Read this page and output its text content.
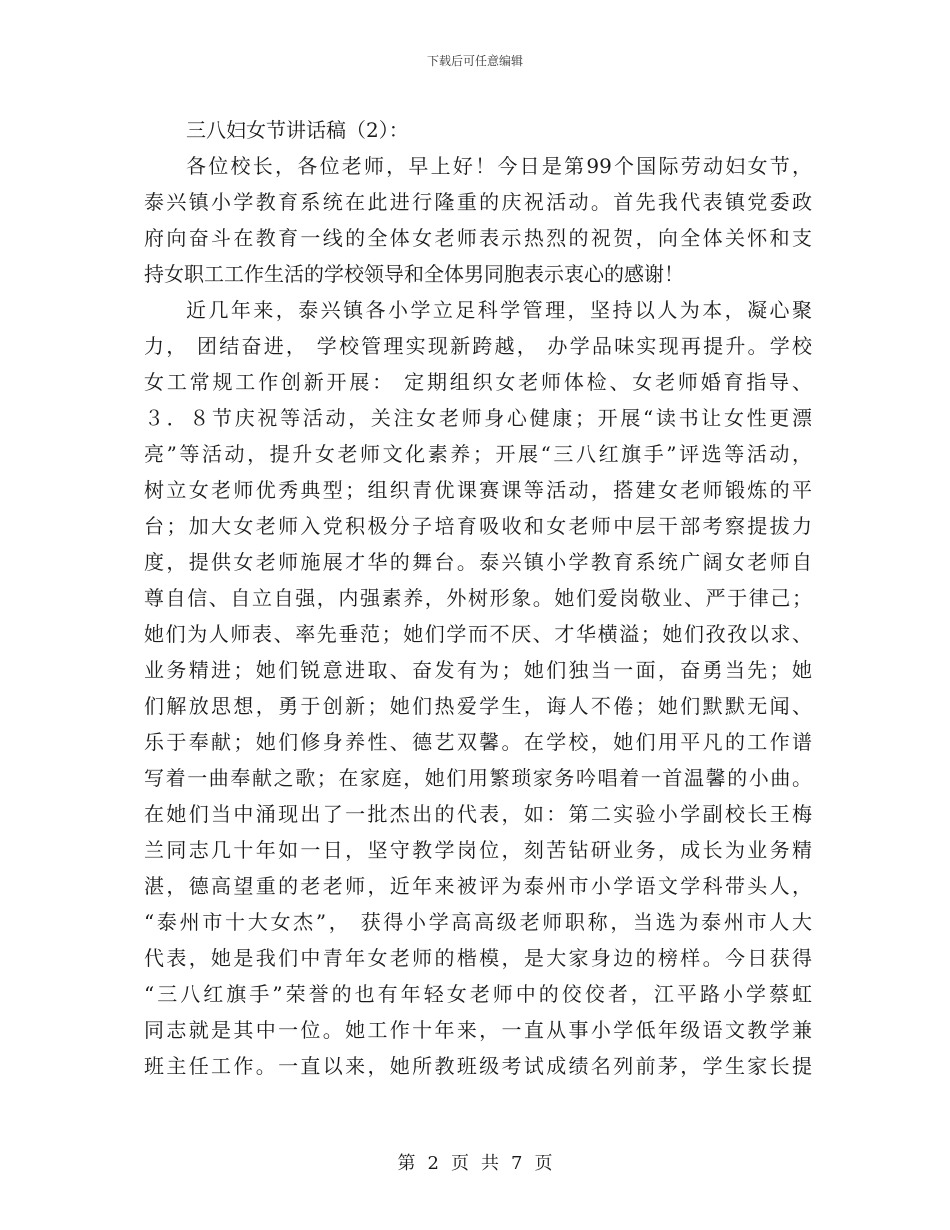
下载后可任意编辑
三八妇女节讲话稿（2）：
各位校长，各位老师，早上好！今日是第99个国际劳动妇女节，
泰兴镇小学教育系统在此进行隆重的庆祝活动。首先我代表镇党委政
府向奋斗在教育一线的全体女老师表示热烈的祝贺，向全体关怀和支
持女职工工作生活的学校领导和全体男同胞表示衷心的感谢！
近几年来，泰兴镇各小学立足科学管理，坚持以人为本，凝心聚
力， 团结奋进， 学校管理实现新跨越， 办学品味实现再提升。学校
女工常规工作创新开展： 定期组织女老师体检、女老师婚育指导、
３．８节庆祝等活动，关注女老师身心健康；开展“读书让女性更漂
亮”等活动，提升女老师文化素养；开展“三八红旗手”评选等活动，
树立女老师优秀典型；组织青优课赛课等活动，搭建女老师锻炼的平
台；加大女老师入党积极分子培育吸收和女老师中层干部考察提拔力
度，提供女老师施展才华的舞台。泰兴镇小学教育系统广阔女老师自
尊自信、自立自强，内强素养，外树形象。她们爱岗敬业、严于律己；
她们为人师表、率先垂范；她们学而不厌、才华横溢；她们孜孜以求、
业务精进；她们锐意进取、奋发有为；她们独当一面，奋勇当先；她
们解放思想，勇于创新；她们热爱学生，诲人不倦；她们默默无闻、
乐于奉献；她们修身养性、德艺双馨。在学校，她们用平凡的工作谱
写着一曲奉献之歌；在家庭，她们用繁琐家务吟唱着一首温馨的小曲。
在她们当中涌现出了一批杰出的代表，如：第二实验小学副校长王梅
兰同志几十年如一日，坚守教学岗位，刻苦钻研业务，成长为业务精
湛，德高望重的老老师，近年来被评为泰州市小学语文学科带头人，
“泰州市十大女杰”， 获得小学高高级老师职称，当选为泰州市人大
代表，她是我们中青年女老师的楷模，是大家身边的榜样。今日获得
“三八红旗手”荣誉的也有年轻女老师中的佼佼者，江平路小学蔡虹
同志就是其中一位。她工作十年来，一直从事小学低年级语文教学兼
班主任工作。一直以来，她所教班级考试成绩名列前茅，学生家长提
第 2 页 共 7 页
